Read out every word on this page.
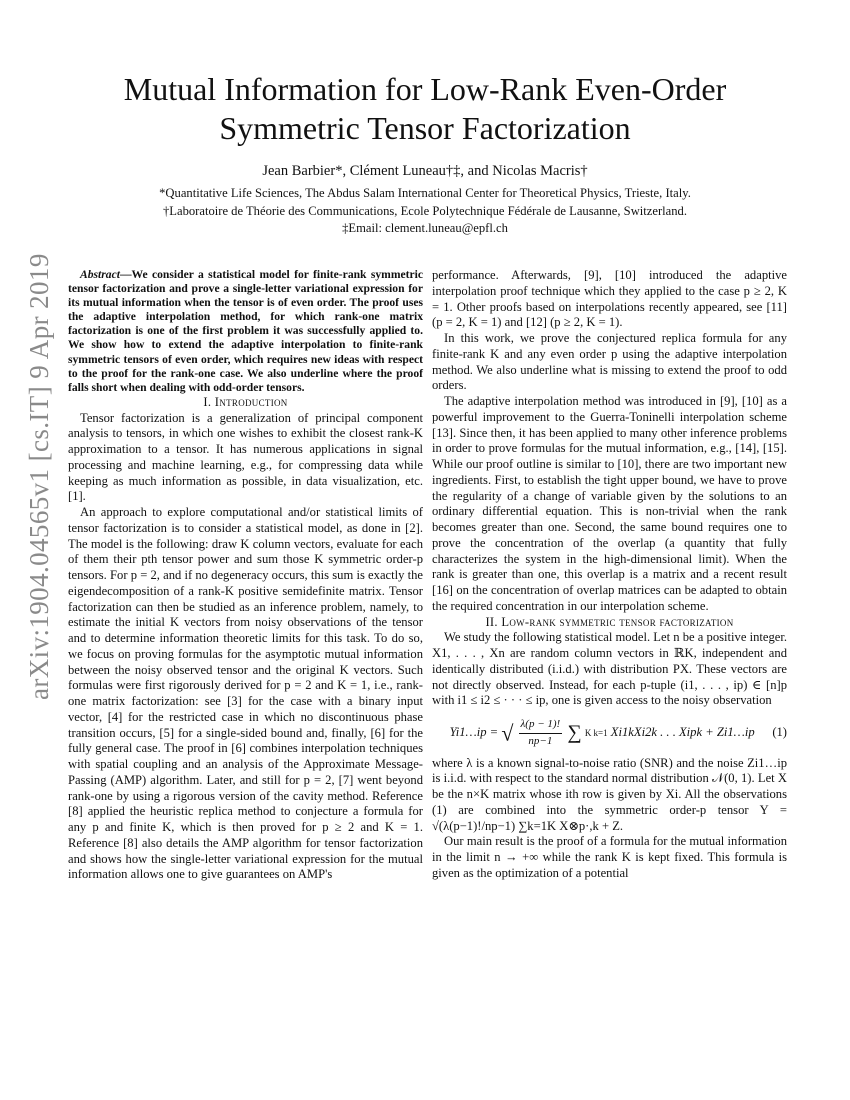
arXiv:1904.04565v1 [cs.IT] 9 Apr 2019
Mutual Information for Low-Rank Even-Order
Symmetric Tensor Factorization
Jean Barbier*, Clément Luneau†‡, and Nicolas Macris†
*Quantitative Life Sciences, The Abdus Salam International Center for Theoretical Physics, Trieste, Italy.
†Laboratoire de Théorie des Communications, Ecole Polytechnique Fédérale de Lausanne, Switzerland.
‡Email: clement.luneau@epfl.ch

Abstract—We consider a statistical model for finite-rank symmetric tensor factorization and prove a single-letter variational expression for its mutual information when the tensor is of even order. The proof uses the adaptive interpolation method, for which rank-one matrix factorization is one of the first problem it was successfully applied to. We show how to extend the adaptive interpolation to finite-rank symmetric tensors of even order, which requires new ideas with respect to the proof for the rank-one case. We also underline where the proof falls short when dealing with odd-order tensors.

I. Introduction

Tensor factorization is a generalization of principal component analysis to tensors, in which one wishes to exhibit the closest rank-K approximation to a tensor. It has numerous applications in signal processing and machine learning, e.g., for compressing data while keeping as much information as possible, in data visualization, etc. [1].

An approach to explore computational and/or statistical limits of tensor factorization is to consider a statistical model, as done in [2]. The model is the following: draw K column vectors, evaluate for each of them their pth tensor power and sum those K symmetric order-p tensors. For p = 2, and if no degeneracy occurs, this sum is exactly the eigendecomposition of a rank-K positive semidefinite matrix. Tensor factorization can then be studied as an inference problem, namely, to estimate the initial K vectors from noisy observations of the tensor and to determine information theoretic limits for this task. To do so, we focus on proving formulas for the asymptotic mutual information between the noisy observed tensor and the original K vectors. Such formulas were first rigorously derived for p = 2 and K = 1, i.e., rank-one matrix factorization: see [3] for the case with a binary input vector, [4] for the restricted case in which no discontinuous phase transition occurs, [5] for a single-sided bound and, finally, [6] for the fully general case. The proof in [6] combines interpolation techniques with spatial coupling and an analysis of the Approximate Message-Passing (AMP) algorithm. Later, and still for p = 2, [7] went beyond rank-one by using a rigorous version of the cavity method. Reference [8] applied the heuristic replica method to conjecture a formula for any p and finite K, which is then proved for p ≥ 2 and K = 1. Reference [8] also details the AMP algorithm for tensor factorization and shows how the single-letter variational expression for the mutual information allows one to give guarantees on AMP's

performance. Afterwards, [9], [10] introduced the adaptive interpolation proof technique which they applied to the case p ≥ 2, K = 1. Other proofs based on interpolations recently appeared, see [11] (p = 2, K = 1) and [12] (p ≥ 2, K = 1).

In this work, we prove the conjectured replica formula for any finite-rank K and any even order p using the adaptive interpolation method. We also underline what is missing to extend the proof to odd orders.

The adaptive interpolation method was introduced in [9], [10] as a powerful improvement to the Guerra-Toninelli interpolation scheme [13]. Since then, it has been applied to many other inference problems in order to prove formulas for the mutual information, e.g., [14], [15]. While our proof outline is similar to [10], there are two important new ingredients. First, to establish the tight upper bound, we have to prove the regularity of a change of variable given by the solutions to an ordinary differential equation. This is non-trivial when the rank becomes greater than one. Second, the same bound requires one to prove the concentration of the overlap (a quantity that fully characterizes the system in the high-dimensional limit). When the rank is greater than one, this overlap is a matrix and a recent result [16] on the concentration of overlap matrices can be adapted to obtain the required concentration in our interpolation scheme.

II. Low-rank symmetric tensor factorization

We study the following statistical model. Let n be a positive integer. X1, . . . , Xn are random column vectors in ℝK, independent and identically distributed (i.i.d.) with distribution PX. These vectors are not directly observed. Instead, for each p-tuple (i1, . . . , ip) ∈ [n]p with i1 ≤ i2 ≤ · · · ≤ ip, one is given access to the noisy observation

Yi1…ip = √ $\frac{\lambda(p - 1)!}{np-1}$ ∑ K k=1 Xi1kXi2k . . . Xipk + Zi1…ip	(1)

where λ is a known signal-to-noise ratio (SNR) and the noise Zi1…ip is i.i.d. with respect to the standard normal distribution 𝒩(0, 1). Let X be the n×K matrix whose ith row is given by Xi. All the observations (1) are combined into the symmetric order-p tensor Y = √(λ(p−1)!/np−1) ∑k=1K X⊗p·,k + Z.

Our main result is the proof of a formula for the mutual information in the limit n → +∞ while the rank K is kept fixed. This formula is given as the optimization of a potential
